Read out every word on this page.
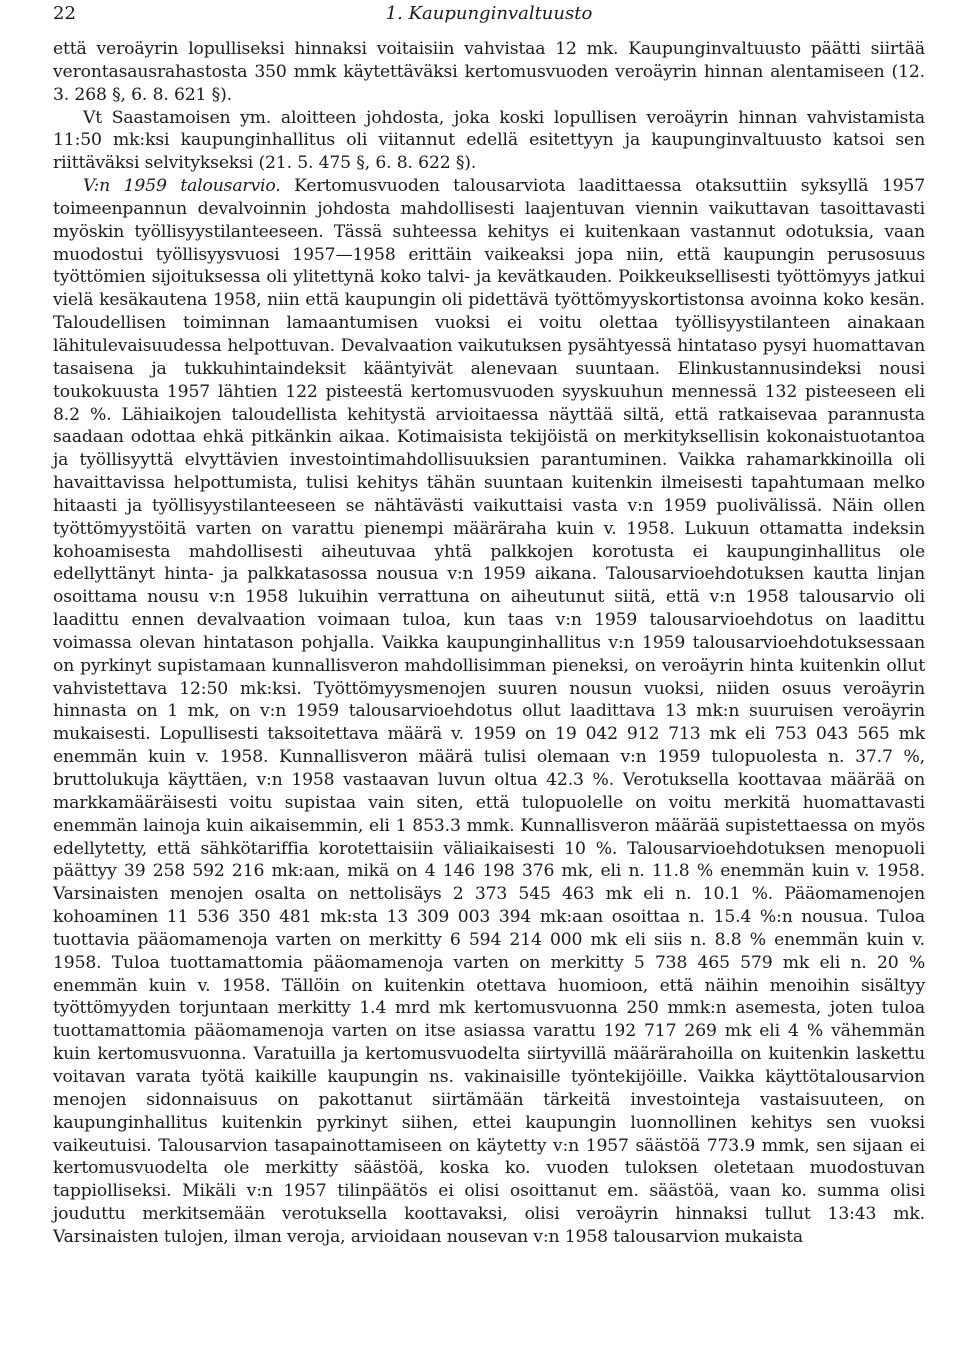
22	1. Kaupunginvaltuusto

että veroäyrin lopulliseksi hinnaksi voitaisiin vahvistaa 12 mk. Kaupunginvaltuusto päätti siirtää verontasausrahastosta 350 mmk käytettäväksi kertomusvuoden veroäyrin hinnan alentamiseen (12. 3. 268 §, 6. 8. 621 §).

Vt Saastamoisen ym. aloitteen johdosta, joka koski lopullisen veroäyrin hinnan vahvistamista 11:50 mk:ksi kaupunginhallitus oli viitannut edellä esitettyyn ja kaupunginvaltuusto katsoi sen riittäväksi selvitykseksi (21. 5. 475 §, 6. 8. 622 §).

V:n 1959 talousarvio. Kertomusvuoden talousarviota laadittaessa otaksuttiin syksyllä 1957 toimeenpannun devalvoinnin johdosta mahdollisesti laajentuvan viennin vaikuttavan tasoittavasti myöskin työllisyystilanteeseen. Tässä suhteessa kehitys ei kuitenkaan vastannut odotuksia, vaan muodostui työllisyysvuosi 1957—1958 erittäin vaikeaksi jopa niin, että kaupungin perusosuus työttömien sijoituksessa oli ylitettynä koko talvi- ja kevätkauden. Poikkeuksellisesti työttömyys jatkui vielä kesäkautena 1958, niin että kaupungin oli pidettävä työttömyyskortistonsa avoinna koko kesän. Taloudellisen toiminnan lamaantumisen vuoksi ei voitu olettaa työllisyystilanteen ainakaan lähitulevaisuudessa helpottuvan. Devalvaation vaikutuksen pysähtyessä hintataso pysyi huomattavan tasaisena ja tukkuhintaindeksit kääntyivät alenevaan suuntaan. Elinkustannusindeksi nousi toukokuusta 1957 lähtien 122 pisteestä kertomusvuoden syyskuuhun mennessä 132 pisteeseen eli 8.2 %. Lähiaikojen taloudellista kehitystä arvioitaessa näyttää siltä, että ratkaisevaa parannusta saadaan odottaa ehkä pitkänkin aikaa. Kotimaisista tekijöistä on merkityksellisin kokonaistuotantoa ja työllisyyttä elvyttävien investointimahdollisuuksien parantuminen. Vaikka rahamarkkinoilla oli havaittavissa helpottumista, tulisi kehitys tähän suuntaan kuitenkin ilmeisesti tapahtumaan melko hitaasti ja työllisyystilanteeseen se nähtävästi vaikuttaisi vasta v:n 1959 puolivälissä. Näin ollen työttömyystöitä varten on varattu pienempi määräraha kuin v. 1958. Lukuun ottamatta indeksin kohoamisesta mahdollisesti aiheutuvaa yhtä palkkojen korotusta ei kaupunginhallitus ole edellyttänyt hinta- ja palkkatasossa nousua v:n 1959 aikana. Talousarvioehdotuksen kautta linjan osoittama nousu v:n 1958 lukuihin verrattuna on aiheutunut siitä, että v:n 1958 talousarvio oli laadittu ennen devalvaation voimaan tuloa, kun taas v:n 1959 talousarvioehdotus on laadittu voimassa olevan hintatason pohjalla. Vaikka kaupunginhallitus v:n 1959 talousarvioehdotuksessaan on pyrkinyt supistamaan kunnallisveron mahdollisimman pieneksi, on veroäyrin hinta kuitenkin ollut vahvistettava 12:50 mk:ksi. Työttömyysmenojen suuren nousun vuoksi, niiden osuus veroäyrin hinnasta on 1 mk, on v:n 1959 talousarvioehdotus ollut laadittava 13 mk:n suuruisen veroäyrin mukaisesti. Lopullisesti taksoitettava määrä v. 1959 on 19 042 912 713 mk eli 753 043 565 mk enemmän kuin v. 1958. Kunnallisveron määrä tulisi olemaan v:n 1959 tulopuolesta n. 37.7 %, bruttolukuja käyttäen, v:n 1958 vastaavan luvun oltua 42.3 %. Verotuksella koottavaa määrää on markkamääräisesti voitu supistaa vain siten, että tulopuolelle on voitu merkitä huomattavasti enemmän lainoja kuin aikaisemmin, eli 1 853.3 mmk. Kunnallisveron määrää supistettaessa on myös edellytetty, että sähkötariffia korotettaisiin väliaikaisesti 10 %. Talousarvioehdotuksen menopuoli päättyy 39 258 592 216 mk:aan, mikä on 4 146 198 376 mk, eli n. 11.8 % enemmän kuin v. 1958. Varsinaisten menojen osalta on nettolisäys 2 373 545 463 mk eli n. 10.1 %. Pääomamenojen kohoaminen 11 536 350 481 mk:sta 13 309 003 394 mk:aan osoittaa n. 15.4 %:n nousua. Tuloa tuottavia pääomamenoja varten on merkitty 6 594 214 000 mk eli siis n. 8.8 % enemmän kuin v. 1958. Tuloa tuottamattomia pääomamenoja varten on merkitty 5 738 465 579 mk eli n. 20 % enemmän kuin v. 1958. Tällöin on kuitenkin otettava huomioon, että näihin menoihin sisältyy työttömyyden torjuntaan merkitty 1.4 mrd mk kertomusvuonna 250 mmk:n asemesta, joten tuloa tuottamattomia pääomamenoja varten on itse asiassa varattu 192 717 269 mk eli 4 % vähemmän kuin kertomusvuonna. Varatuilla ja kertomusvuodelta siirtyvillä määrärahoilla on kuitenkin laskettu voitavan varata työtä kaikille kaupungin ns. vakinaisille työntekijöille. Vaikka käyttötalousarvion menojen sidonnaisuus on pakottanut siirtämään tärkeitä investointeja vastaisuuteen, on kaupunginhallitus kuitenkin pyrkinyt siihen, ettei kaupungin luonnollinen kehitys sen vuoksi vaikeutuisi. Talousarvion tasapainottamiseen on käytetty v:n 1957 säästöä 773.9 mmk, sen sijaan ei kertomusvuodelta ole merkitty säästöä, koska ko. vuoden tuloksen oletetaan muodostuvan tappiolliseksi. Mikäli v:n 1957 tilinpäätös ei olisi osoittanut em. säästöä, vaan ko. summa olisi jouduttu merkitsemään verotuksella koottavaksi, olisi veroäyrin hinnaksi tullut 13:43 mk. Varsinaisten tulojen, ilman veroja, arvioidaan nousevan v:n 1958 talousarvion mukaista
